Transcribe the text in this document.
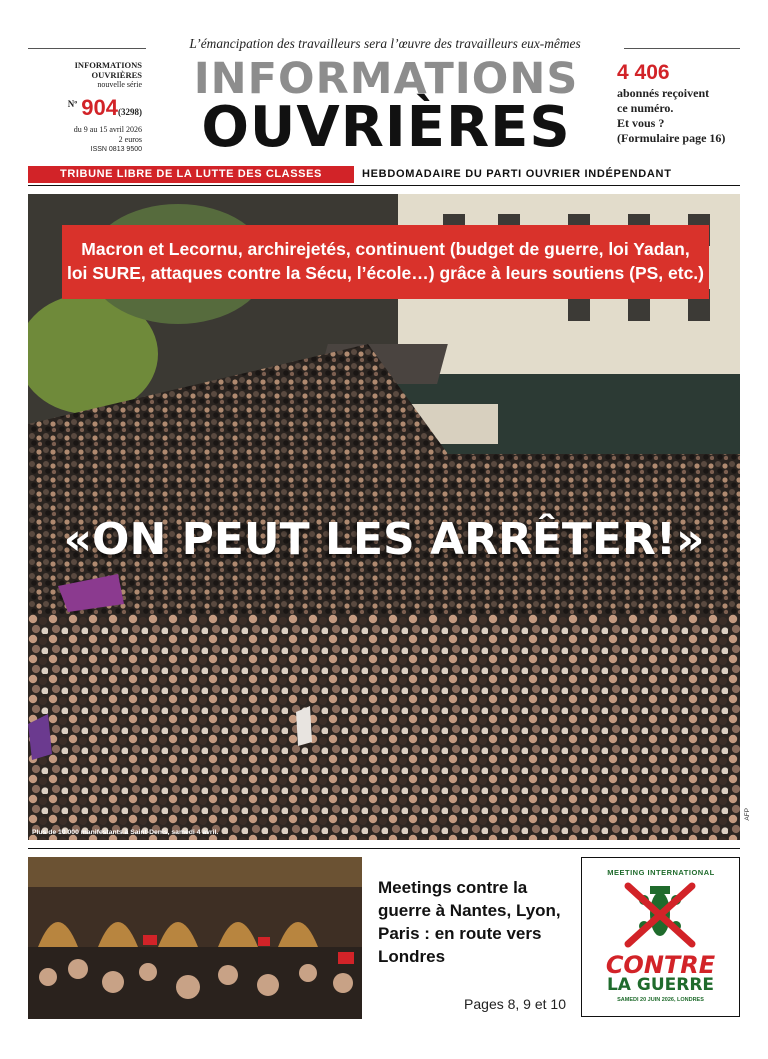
L’émancipation des travailleurs sera l’œuvre des travailleurs eux-mêmes
INFORMATIONS
OUVRIÈRES
nouvelle série
$^{Nº}$ 904(3298)
du 9 au 15 avril 2026
2 euros
ISSN 0813 9500
INFORMATIONS
OUVRIÈRES
4 406
abonnés reçoivent
ce numéro.
Et vous ?
(Formulaire page 16)
TRIBUNE LIBRE DE LA LUTTE DES CLASSES	HEBDOMADAIRE DU PARTI OUVRIER INDÉPENDANT
Macron et Lecornu, archirejetés, continuent (budget de guerre, loi Yadan,
loi SURE, attaques contre la Sécu, l’école…) grâce à leurs soutiens (PS, etc.)
«ON PEUT LES ARRÊTER!»
Plus de 10 000 manifestants à Saint-Denis, samedi 4 avril.
AFP
Meetings contre la guerre à Nantes, Lyon, Paris : en route vers Londres
Pages 8, 9 et 10
MEETING INTERNATIONAL
CONTRE
LA GUERRE
SAMEDI 20 JUIN 2026, LONDRES
